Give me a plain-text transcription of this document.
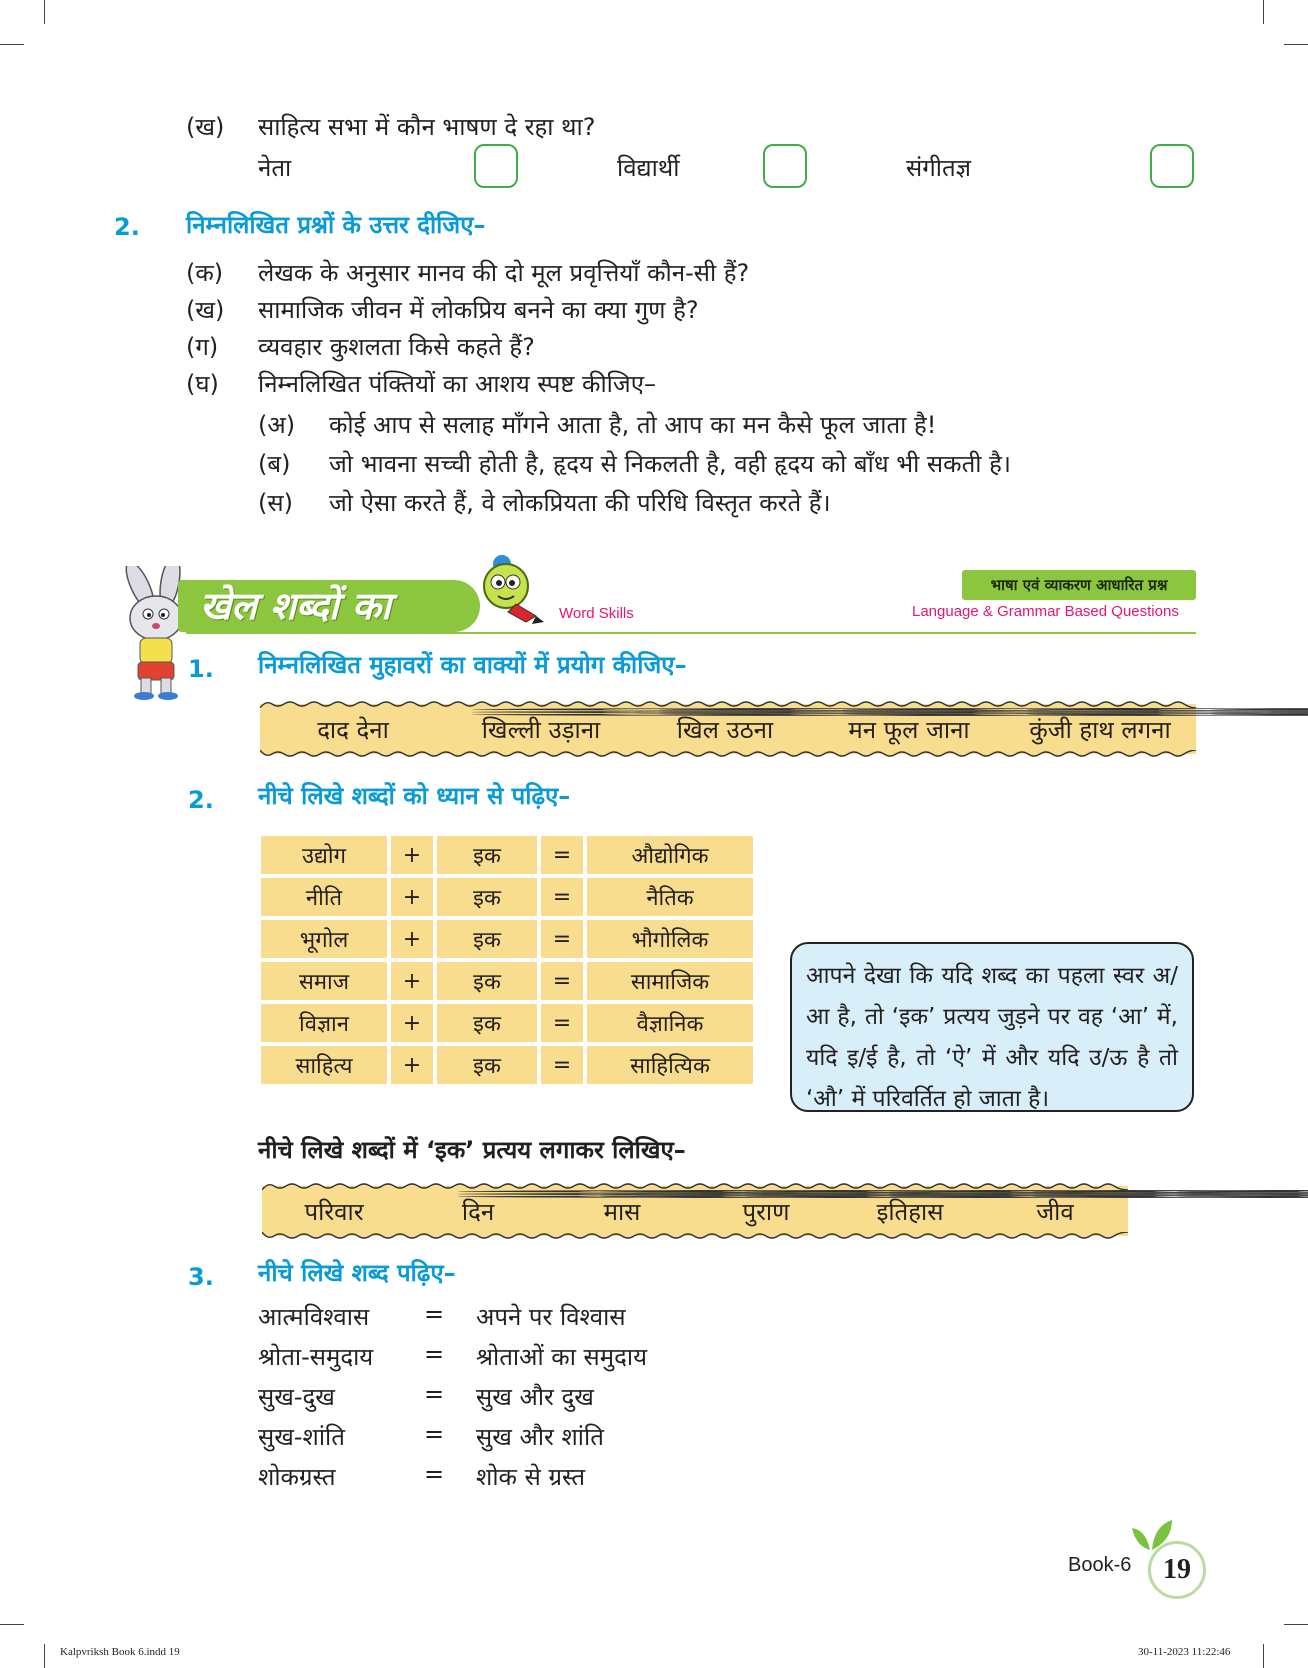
(ख) साहित्य सभा में कौन भाषण दे रहा था?
नेता	विद्यार्थी	संगीतज्ञ
2. निम्नलिखित प्रश्नों के उत्तर दीजिए–
(क) लेखक के अनुसार मानव की दो मूल प्रवृत्तियाँ कौन-सी हैं?
(ख) सामाजिक जीवन में लोकप्रिय बनने का क्या गुण है?
(ग) व्यवहार कुशलता किसे कहते हैं?
(घ) निम्नलिखित पंक्तियों का आशय स्पष्ट कीजिए–
(अ) कोई आप से सलाह माँगने आता है, तो आप का मन कैसे फूल जाता है!
(ब) जो भावना सच्ची होती है, हृदय से निकलती है, वही हृदय को बाँध भी सकती है।
(स) जो ऐसा करते हैं, वे लोकप्रियता की परिधि विस्तृत करते हैं।
खेल शब्दों का	Word Skills
भाषा एवं व्याकरण आधारित प्रश्न
Language & Grammar Based Questions
1. निम्नलिखित मुहावरों का वाक्यों में प्रयोग कीजिए–
दाद देना	खिल्ली उड़ाना	खिल उठना	मन फूल जाना	कुंजी हाथ लगना
2. नीचे लिखे शब्दों को ध्यान से पढ़िए–
उद्योग	+	इक	=	औद्योगिक
नीति	+	इक	=	नैतिक
भूगोल	+	इक	=	भौगोलिक
समाज	+	इक	=	सामाजिक
विज्ञान	+	इक	=	वैज्ञानिक
साहित्य	+	इक	=	साहित्यिक
आपने देखा कि यदि शब्द का पहला स्वर अ/आ है, तो ‘इक’ प्रत्यय जुड़ने पर वह ‘आ’ में, यदि इ/ई है, तो ‘ऐ’ में और यदि उ/ऊ है तो ‘औ’ में परिवर्तित हो जाता है।
नीचे लिखे शब्दों में ‘इक’ प्रत्यय लगाकर लिखिए–
परिवार	दिन	मास	पुराण	इतिहास	जीव
3. नीचे लिखे शब्द पढ़िए–
आत्मविश्वास = अपने पर विश्वास
श्रोता-समुदाय = श्रोताओं का समुदाय
सुख-दुख	= सुख और दुख
सुख-शांति	= सुख और शांति
शोकग्रस्त	= शोक से ग्रस्त
Book-6 19
Kalpvriksh Book 6.indd 19	30-11-2023 11:22:46
